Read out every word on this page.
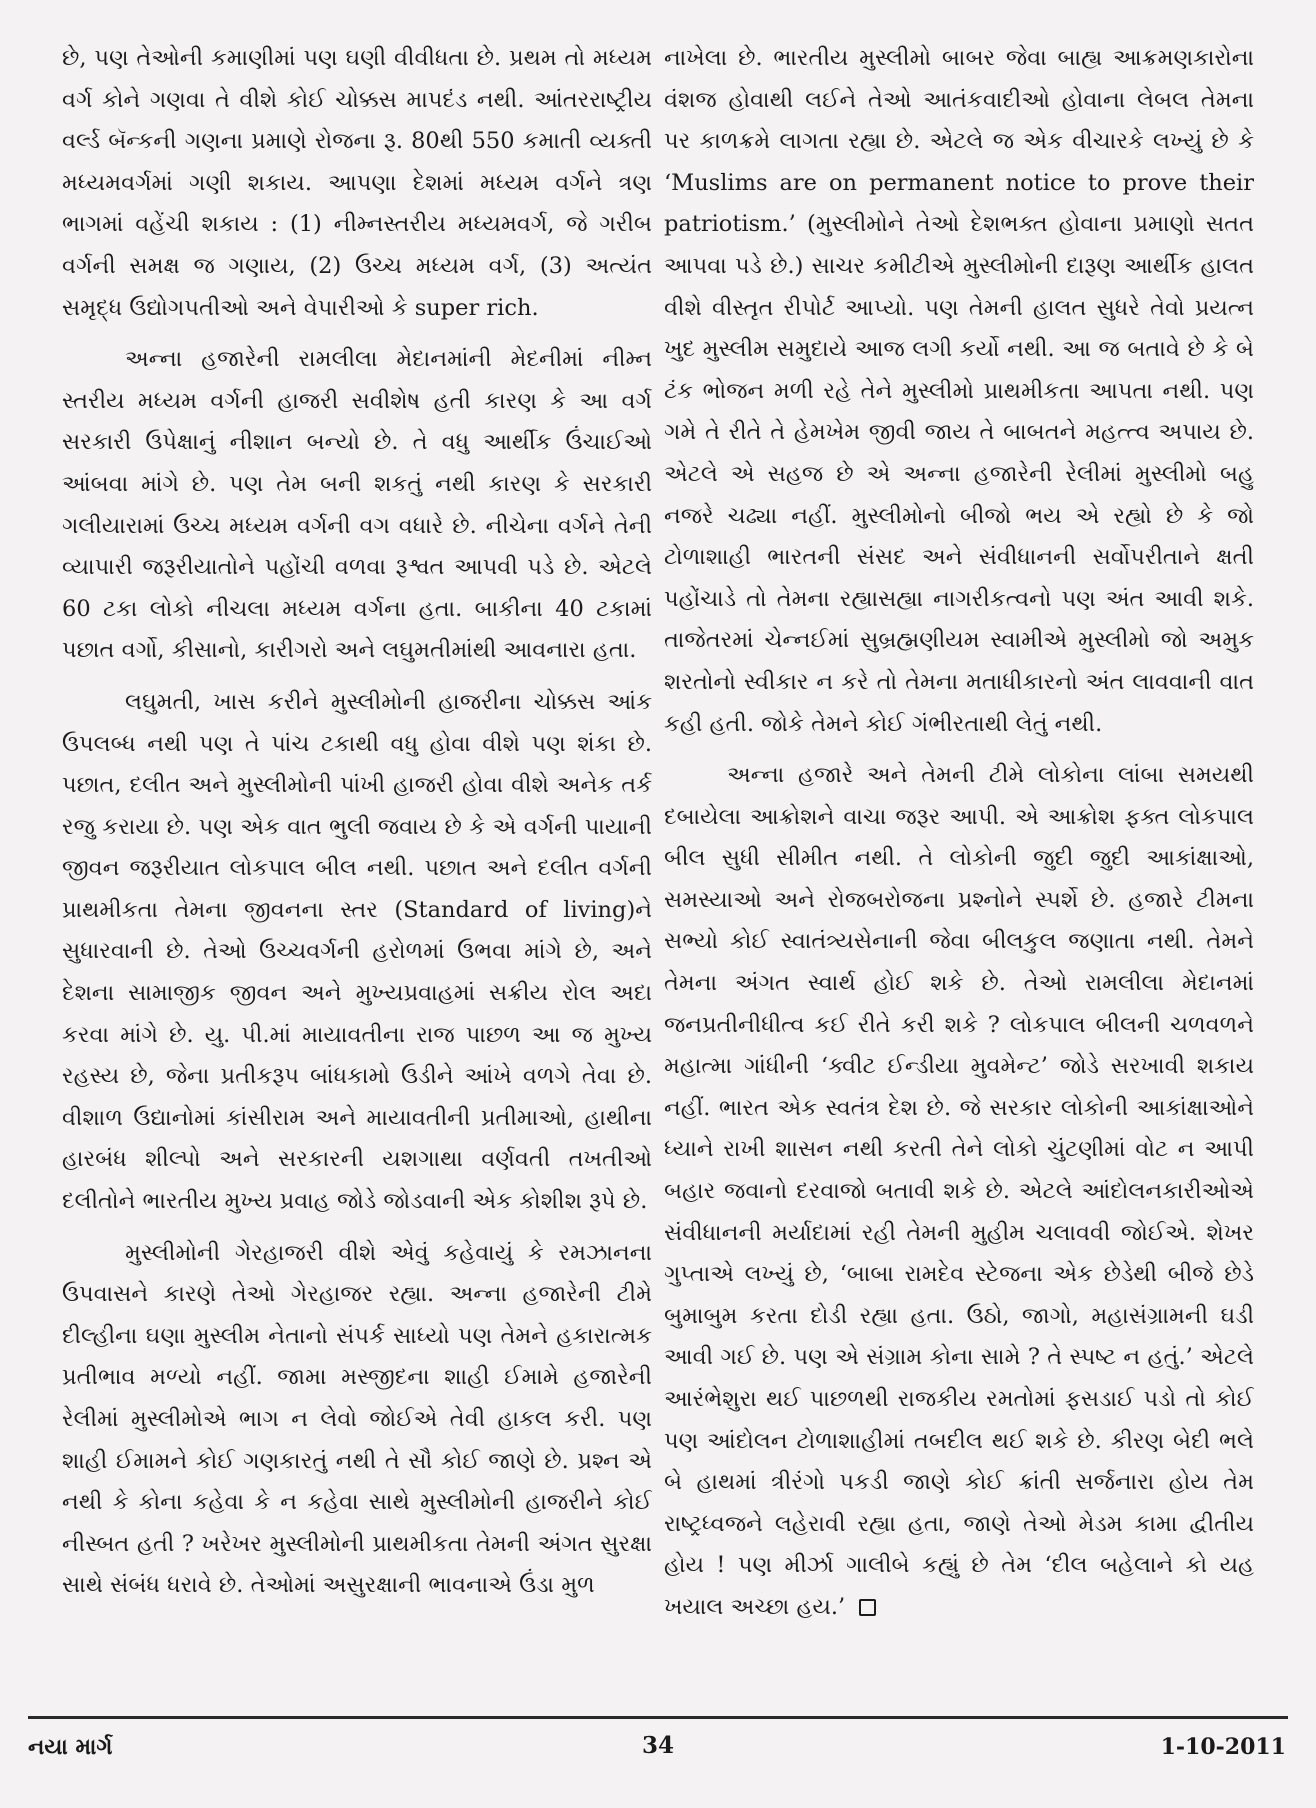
છે, પણ તેઓની કમાણીમાં પણ ઘણી વીવીધતા છે. પ્રથમ તો મધ્યમ વર્ગ કોને ગણવા તે વીશે કોઈ ચોક્કસ માપદંડ નથી. આંતરરાષ્ટ્રીય વર્લ્ડ બૅન્કની ગણના પ્રમાણે રોજના રૂ. 80થી 550 કમાતી વ્યક્તી મધ્યમવર્ગમાં ગણી શકાય. આપણા દેશમાં મધ્યમ વર્ગને ત્રણ ભાગમાં વહેંચી શકાય : (1) નીમ્નસ્તરીય મધ્યમવર્ગ, જે ગરીબ વર્ગની સમક્ષ જ ગણાય, (2) ઉચ્ચ મધ્યમ વર્ગ, (3) અત્યંત સમૃદ્ધ ઉદ્યોગપતીઓ અને વેપારીઓ કે super rich.

અન્ના હજારેની રામલીલા મેદાનમાંની મેદનીમાં નીમ્ન સ્તરીય મધ્યમ વર્ગની હાજરી સવીશેષ હતી કારણ કે આ વર્ગ સરકારી ઉપેક્ષાનું નીશાન બન્યો છે. તે વધુ આર્થીક ઉંચાઈઓ આંબવા માંગે છે. પણ તેમ બની શકતું નથી કારણ કે સરકારી ગલીયારામાં ઉચ્ચ મધ્યમ વર્ગની વગ વધારે છે. નીચેના વર્ગને તેની વ્યાપારી જરૂરીયાતોને પહોંચી વળવા રૂશ્વત આપવી પડે છે. એટલે 60 ટકા લોકો નીચલા મધ્યમ વર્ગના હતા. બાકીના 40 ટકામાં પછાત વર્ગો, કીસાનો, કારીગરો અને લઘુમતીમાંથી આવનારા હતા.

લઘુમતી, ખાસ કરીને મુસ્લીમોની હાજરીના ચોક્કસ આંક ઉપલબ્ધ નથી પણ તે પાંચ ટકાથી વધુ હોવા વીશે પણ શંકા છે. પછાત, દલીત અને મુસ્લીમોની પાંખી હાજરી હોવા વીશે અનેક તર્ક રજુ કરાયા છે. પણ એક વાત ભુલી જવાય છે કે એ વર્ગની પાયાની જીવન જરૂરીયાત લોકપાલ બીલ નથી. પછાત અને દલીત વર્ગની પ્રાથમીકતા તેમના જીવનના સ્તર (Standard of living)ને સુધારવાની છે. તેઓ ઉચ્ચવર્ગની હરોળમાં ઉભવા માંગે છે, અને દેશના સામાજીક જીવન અને મુખ્યપ્રવાહમાં સક્રીય રોલ અદા કરવા માંગે છે. યુ. પી.માં માયાવતીના રાજ પાછળ આ જ મુખ્ય રહસ્ય છે, જેના પ્રતીકરૂપ બાંધકામો ઉડીને આંખે વળગે તેવા છે. વીશાળ ઉદ્યાનોમાં કાંસીરામ અને માયાવતીની પ્રતીમાઓ, હાથીના હારબંધ શીલ્પો અને સરકારની યશગાથા વર્ણવતી તખતીઓ દલીતોને ભારતીય મુખ્ય પ્રવાહ જોડે જોડવાની એક કોશીશ રૂપે છે.

મુસ્લીમોની ગેરહાજરી વીશે એવું કહેવાયું કે રમઝાનના ઉપવાસને કારણે તેઓ ગેરહાજર રહ્યા. અન્ના હજારેની ટીમે દીલ્હીના ઘણા મુસ્લીમ નેતાનો સંપર્ક સાધ્યો પણ તેમને હકારાત્મક પ્રતીભાવ મળ્યો નહીં. જામા મસ્જીદના શાહી ઈમામે હજારેની રેલીમાં મુસ્લીમોએ ભાગ ન લેવો જોઈએ તેવી હાકલ કરી. પણ શાહી ઈમામને કોઈ ગણકારતું નથી તે સૌ કોઈ જાણે છે. પ્રશ્ન એ નથી કે કોના કહેવા કે ન કહેવા સાથે મુસ્લીમોની હાજરીને કોઈ નીસ્બત હતી ? ખરેખર મુસ્લીમોની પ્રાથમીકતા તેમની અંગત સુરક્ષા સાથે સંબંધ ધરાવે છે. તેઓમાં અસુરક્ષાની ભાવનાએ ઉંડા મુળ

નાખેલા છે. ભારતીય મુસ્લીમો બાબર જેવા બાહ્ય આક્રમણકારોના વંશજ હોવાથી લઈને તેઓ આતંકવાદીઓ હોવાના લેબલ તેમના પર કાળક્રમે લાગતા રહ્યા છે. એટલે જ એક વીચારકે લખ્યું છે કે ‘Muslims are on permanent notice to prove their patriotism.’ (મુસ્લીમોને તેઓ દેશભક્ત હોવાના પ્રમાણો સતત આપવા પડે છે.) સાચર કમીટીએ મુસ્લીમોની દારૂણ આર્થીક હાલત વીશે વીસ્તૃત રીપોર્ટ આપ્યો. પણ તેમની હાલત સુધરે તેવો પ્રયત્ન ખુદ મુસ્લીમ સમુદાયે આજ લગી કર્યો નથી. આ જ બતાવે છે કે બે ટંક ભોજન મળી રહે તેને મુસ્લીમો પ્રાથમીકતા આપતા નથી. પણ ગમે તે રીતે તે હેમખેમ જીવી જાય તે બાબતને મહત્ત્વ અપાય છે. એટલે એ સહજ છે એ અન્ના હજારેની રેલીમાં મુસ્લીમો બહુ નજરે ચઢ્યા નહીં. મુસ્લીમોનો બીજો ભય એ રહ્યો છે કે જો ટોળાશાહી ભારતની સંસદ અને સંવીધાનની સર્વોપરીતાને ક્ષતી પહોંચાડે તો તેમના રહ્યાસહ્યા નાગરીકત્વનો પણ અંત આવી શકે. તાજેતરમાં ચેન્નઈમાં સુબ્રહ્મણીયમ સ્વામીએ મુસ્લીમો જો અમુક શરતોનો સ્વીકાર ન કરે તો તેમના મતાધીકારનો અંત લાવવાની વાત કહી હતી. જોકે તેમને કોઈ ગંભીરતાથી લેતું નથી.

અન્ના હજારે અને તેમની ટીમે લોકોના લાંબા સમયથી દબાયેલા આક્રોશને વાચા જરૂર આપી. એ આક્રોશ ફક્ત લોકપાલ બીલ સુધી સીમીત નથી. તે લોકોની જુદી જુદી આકાંક્ષાઓ, સમસ્યાઓ અને રોજબરોજના પ્રશ્નોને સ્પર્શે છે. હજારે ટીમના સભ્યો કોઈ સ્વાતંત્ર્યસેનાની જેવા બીલકુલ જણાતા નથી. તેમને તેમના અંગત સ્વાર્થ હોઈ શકે છે. તેઓ રામલીલા મેદાનમાં જનપ્રતીનીધીત્વ કઈ રીતે કરી શકે ? લોકપાલ બીલની ચળવળને મહાત્મા ગાંધીની ‘ક્વીટ ઈન્ડીયા મુવમેન્ટ’ જોડે સરખાવી શકાય નહીં. ભારત એક સ્વતંત્ર દેશ છે. જે સરકાર લોકોની આકાંક્ષાઓને ધ્યાને રાખી શાસન નથી કરતી તેને લોકો ચુંટણીમાં વોટ ન આપી બહાર જવાનો દરવાજો બતાવી શકે છે. એટલે આંદોલનકારીઓએ સંવીધાનની મર્યાદામાં રહી તેમની મુહીમ ચલાવવી જોઈએ. શેખર ગુપ્તાએ લખ્યું છે, ‘બાબા રામદેવ સ્ટેજના એક છેડેથી બીજે છેડે બુમાબુમ કરતા દોડી રહ્યા હતા. ઉઠો, જાગો, મહાસંગ્રામની ઘડી આવી ગઈ છે. પણ એ સંગ્રામ કોના સામે ? તે સ્પષ્ટ ન હતું.’ એટલે આરંભેશુરા થઈ પાછળથી રાજકીય રમતોમાં ફસડાઈ પડો તો કોઈ પણ આંદોલન ટોળાશાહીમાં તબદીલ થઈ શકે છે. કીરણ બેદી ભલે બે હાથમાં ત્રીરંગો પકડી જાણે કોઈ ક્રાંતી સર્જનારા હોય તેમ રાષ્ટ્રધ્વજને લહેરાવી રહ્યા હતા, જાણે તેઓ મેડમ કામા દ્વીતીય હોય ! પણ મીર્ઝા ગાલીબે કહ્યું છે તેમ ‘દીલ બહેલાને કો યહ ખયાલ અચ્છા હય.’

નયા માર્ગ	34	1-10-2011
